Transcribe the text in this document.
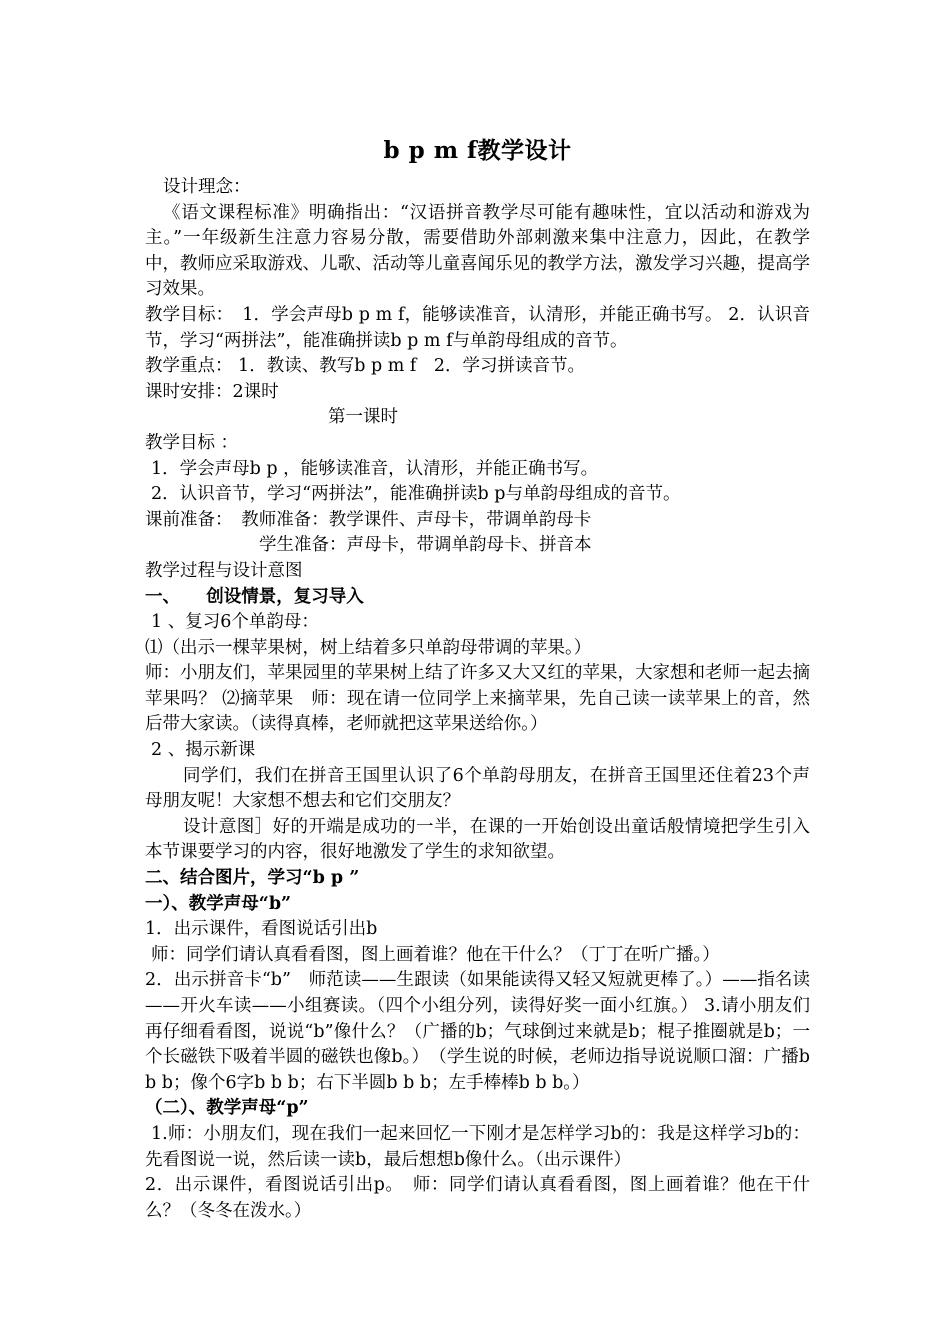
b p m f教学设计

设计理念：

《语文课程标准》明确指出：“汉语拼音教学尽可能有趣味性，宜以活动和游戏为主。”一年级新生注意力容易分散，需要借助外部刺激来集中注意力，因此，在教学中，教师应采取游戏、儿歌、活动等儿童喜闻乐见的教学方法，激发学习兴趣，提高学习效果。

教学目标：　1．学会声母b p m f，能够读准音，认清形，并能正确书写。 2．认识音节，学习“两拼法”，能准确拼读b p m f与单韵母组成的音节。

教学重点： 1．教读、教写b p m f　2．学习拼读音节。

课时安排：2课时

第一课时

教学目标 ：

1．学会声母b p ，能够读准音，认清形，并能正确书写。

2．认识音节，学习“两拼法”，能准确拼读b p与单韵母组成的音节。

课前准备：　教师准备：教学课件、声母卡，带调单韵母卡

学生准备：声母卡，带调单韵母卡、拼音本

教学过程与设计意图

一、　　创设情景，复习导入

1 、复习6个单韵母：

⑴（出示一棵苹果树，树上结着多只单韵母带调的苹果。）

师：小朋友们，苹果园里的苹果树上结了许多又大又红的苹果，大家想和老师一起去摘苹果吗？ ⑵摘苹果　师：现在请一位同学上来摘苹果，先自己读一读苹果上的音，然后带大家读。（读得真棒，老师就把这苹果送给你。）

2 、揭示新课

同学们，我们在拼音王国里认识了6个单韵母朋友，在拼音王国里还住着23个声母朋友呢！大家想不想去和它们交朋友？

设计意图］好的开端是成功的一半，在课的一开始创设出童话般情境把学生引入本节课要学习的内容，很好地激发了学生的求知欲望。

二、结合图片，学习“b p ”

一）、教学声母“b”

1．出示课件，看图说话引出b

师：同学们请认真看看图，图上画着谁？他在干什么？（丁丁在听广播。）

2．出示拼音卡“b”　师范读——生跟读（如果能读得又轻又短就更棒了。）——指名读——开火车读——小组赛读。（四个小组分列，读得好奖一面小红旗。） 3.请小朋友们再仔细看看图，说说“b”像什么？（广播的b；气球倒过来就是b；棍子推圈就是b；一个长磁铁下吸着半圆的磁铁也像b。）　（学生说的时候，老师边指导说说顺口溜：广播b b b；像个6字b b b；右下半圆b b b；左手棒棒b b b。）

（二）、教学声母“p”

1.师：小朋友们，现在我们一起来回忆一下刚才是怎样学习b的：我是这样学习b的：先看图说一说，然后读一读b，最后想想b像什么。（出示课件）

2．出示课件，看图说话引出p。　师：同学们请认真看看图，图上画着谁？他在干什么？（冬冬在泼水。）
